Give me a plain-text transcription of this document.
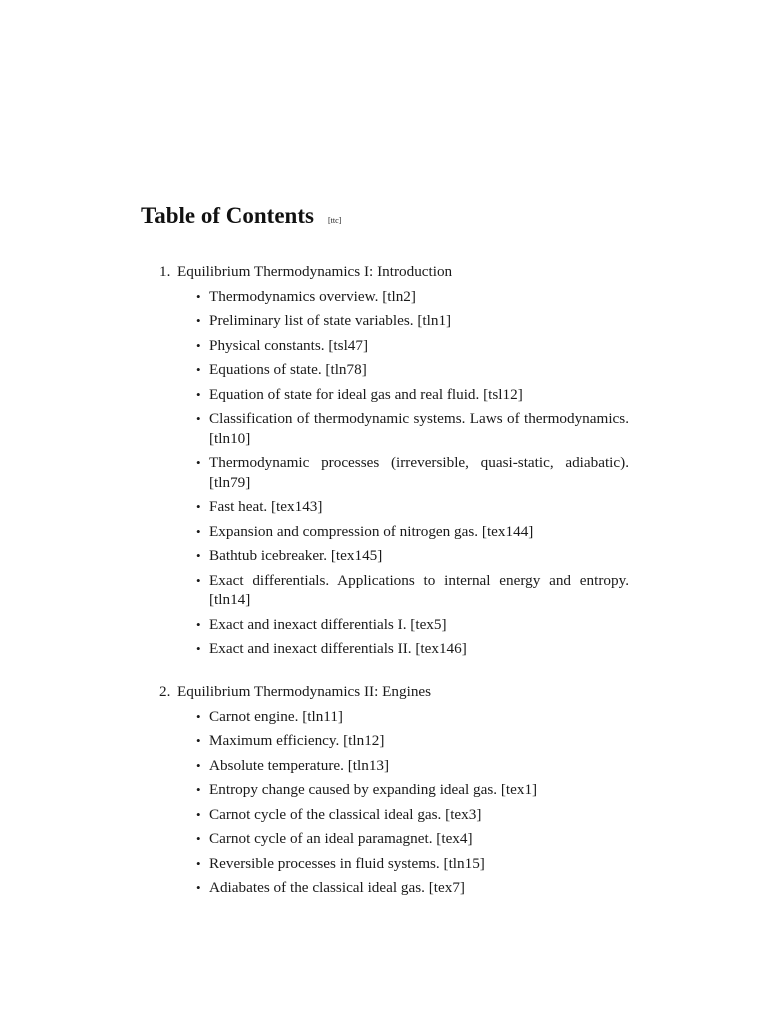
Table of Contents [ttc]
1. Equilibrium Thermodynamics I: Introduction
• Thermodynamics overview. [tln2]
• Preliminary list of state variables. [tln1]
• Physical constants. [tsl47]
• Equations of state. [tln78]
• Equation of state for ideal gas and real fluid. [tsl12]
• Classification of thermodynamic systems. Laws of thermodynamics. [tln10]
• Thermodynamic processes (irreversible, quasi-static, adiabatic). [tln79]
• Fast heat. [tex143]
• Expansion and compression of nitrogen gas. [tex144]
• Bathtub icebreaker. [tex145]
• Exact differentials. Applications to internal energy and entropy. [tln14]
• Exact and inexact differentials I. [tex5]
• Exact and inexact differentials II. [tex146]
2. Equilibrium Thermodynamics II: Engines
• Carnot engine. [tln11]
• Maximum efficiency. [tln12]
• Absolute temperature. [tln13]
• Entropy change caused by expanding ideal gas. [tex1]
• Carnot cycle of the classical ideal gas. [tex3]
• Carnot cycle of an ideal paramagnet. [tex4]
• Reversible processes in fluid systems. [tln15]
• Adiabates of the classical ideal gas. [tex7]
